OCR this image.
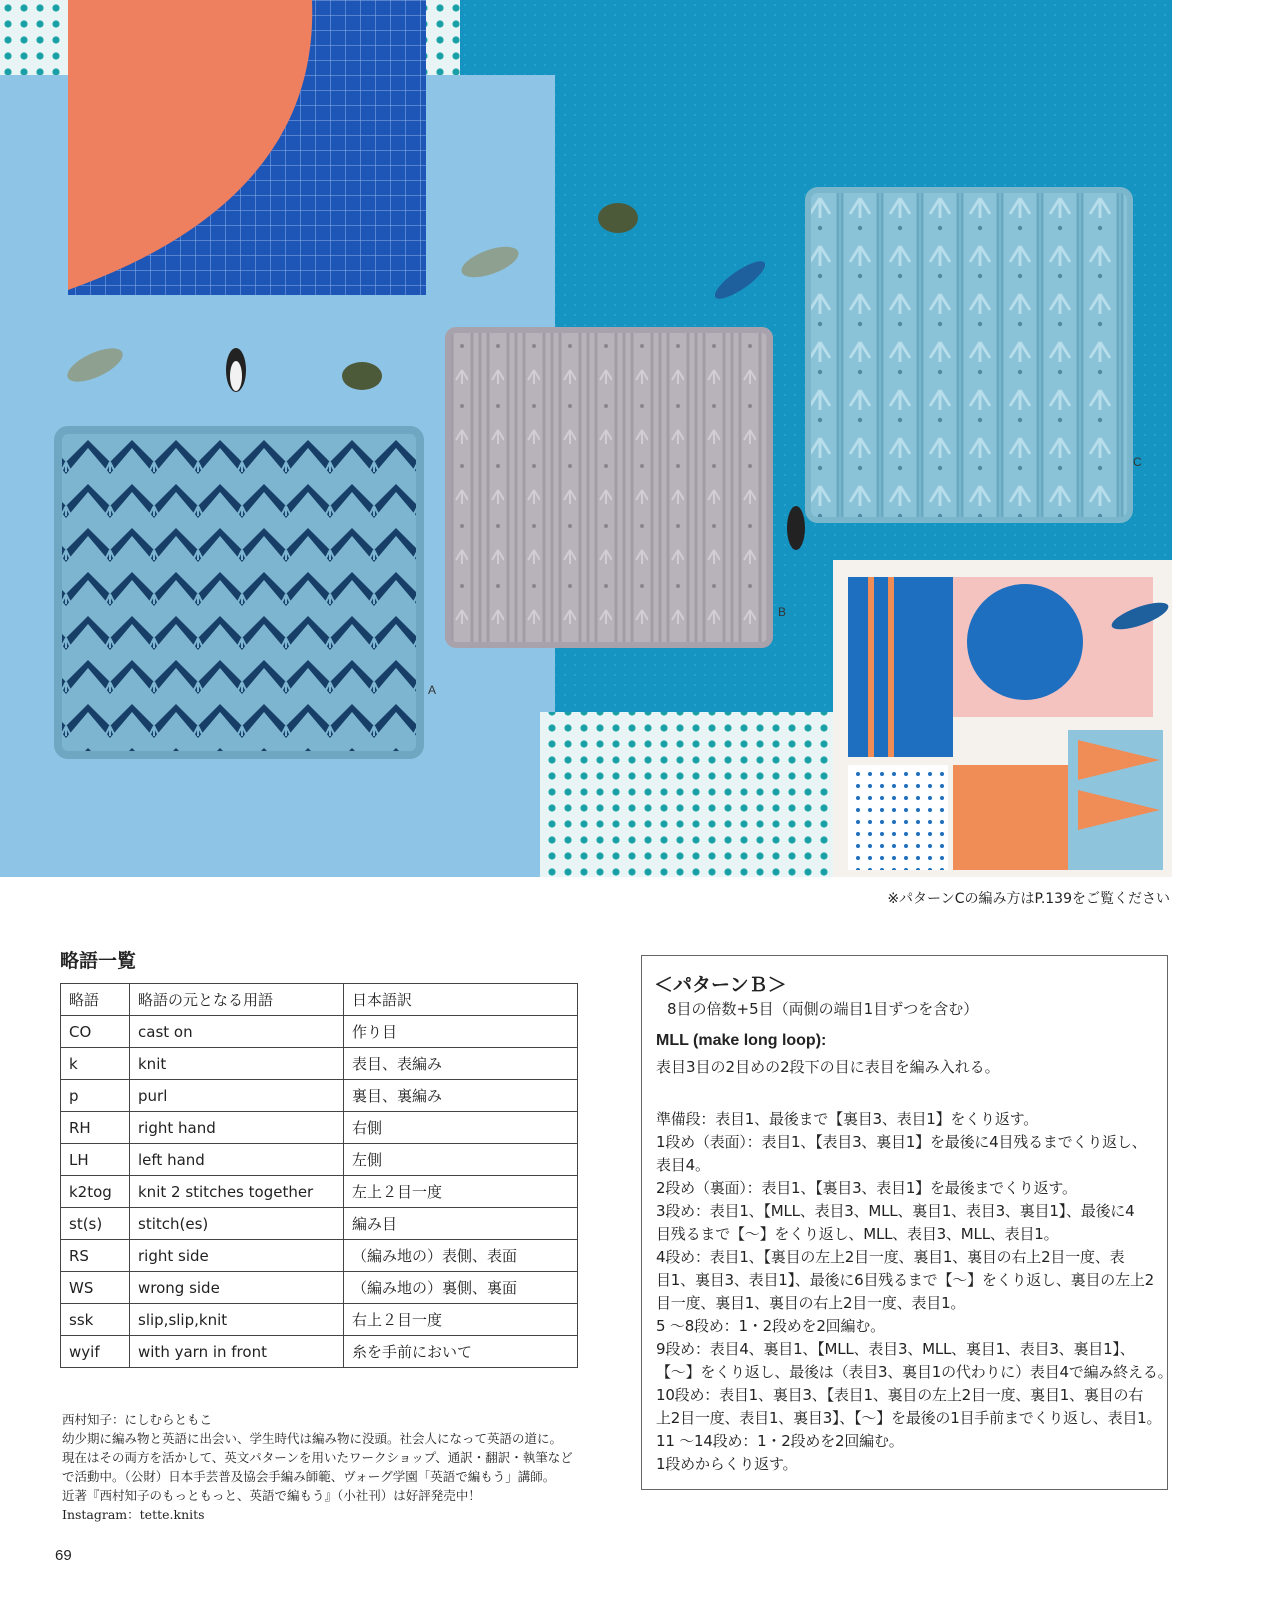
A
B
C
※パターンCの編み方はP.139をご覧ください
略語一覧
略語	略語の元となる用語	日本語訳
CO	cast on	作り目
k	knit	表目、表編み
p	purl	裏目、裏編み
RH	right hand	右側
LH	left hand	左側
k2tog	knit 2 stitches together	左上２目一度
st(s)	stitch(es)	編み目
RS	right side	（編み地の）表側、表面
WS	wrong side	（編み地の）裏側、裏面
ssk	slip,slip,knit	右上２目一度
wyif	with yarn in front	糸を手前において
西村知子：にしむらともこ
幼少期に編み物と英語に出会い、学生時代は編み物に没頭。社会人になって英語の道に。
現在はその両方を活かして、英文パターンを用いたワークショップ、通訳・翻訳・執筆など
で活動中。（公財）日本手芸普及協会手編み師範、ヴォーグ学園「英語で編もう」講師。
近著『西村知子のもっともっと、英語で編もう』（小社刊）は好評発売中！
Instagram：tette.knits
69
＜パターンＢ＞
8目の倍数+5目（両側の端目1目ずつを含む）
MLL (make long loop):
表目3目の2目めの2段下の目に表目を編み入れる。
準備段：表目1、最後まで【裏目3、表目1】をくり返す。
1段め（表面）：表目1、【表目3、裏目1】を最後に4目残るまでくり返し、
表目4。
2段め（裏面）：表目1、【裏目3、表目1】を最後までくり返す。
3段め：表目1、【MLL、表目3、MLL、裏目1、表目3、裏目1】、最後に4
目残るまで【〜】をくり返し、MLL、表目3、MLL、表目1。
4段め：表目1、【裏目の左上2目一度、裏目1、裏目の右上2目一度、表
目1、裏目3、表目1】、最後に6目残るまで【〜】をくり返し、裏目の左上2
目一度、裏目1、裏目の右上2目一度、表目1。
5 〜8段め：1・2段めを2回編む。
9段め：表目4、裏目1、【MLL、表目3、MLL、裏目1、表目3、裏目1】、
【〜】をくり返し、最後は（表目3、裏目1の代わりに）表目4で編み終える。
10段め：表目1、裏目3、【表目1、裏目の左上2目一度、裏目1、裏目の右
上2目一度、表目1、裏目3】、【〜】を最後の1目手前までくり返し、表目1。
11 〜14段め：1・2段めを2回編む。
1段めからくり返す。
